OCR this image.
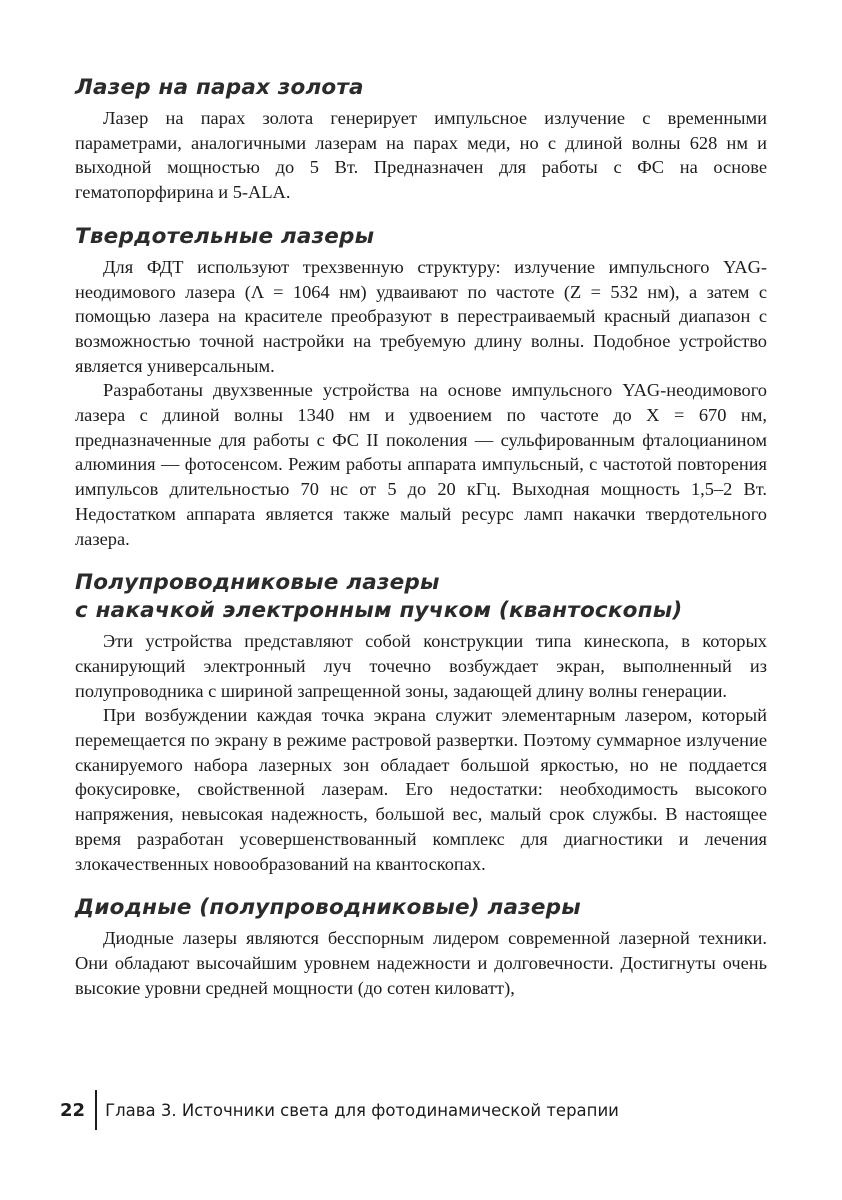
Лазер на парах золота

Лазер на парах золота генерирует импульсное излучение с временными параметрами, аналогичными лазерам на парах меди, но с длиной волны 628 нм и выходной мощностью до 5 Вт. Предназначен для работы с ФС на основе гематопорфирина и 5-ALA.

Твердотельные лазеры

Для ФДТ используют трехзвенную структуру: излучение импульсного YAG-неодимового лазера (Λ = 1064 нм) удваивают по частоте (Z = 532 нм), а затем с помощью лазера на красителе преобразуют в перестраиваемый красный диапазон с возможностью точной настройки на требуемую длину волны. Подобное устройство является универсальным.

Разработаны двухзвенные устройства на основе импульсного YAG-неодимового лазера с длиной волны 1340 нм и удвоением по частоте до X = 670 нм, предназначенные для работы с ФС II поколения — сульфированным фталоцианином алюминия — фотосенсом. Режим работы аппарата импульсный, с частотой повторения импульсов длительностью 70 нс от 5 до 20 кГц. Выходная мощность 1,5–2 Вт. Недостатком аппарата является также малый ресурс ламп накачки твердотельного лазера.

Полупроводниковые лазеры
с накачкой электронным пучком (квантоскопы)

Эти устройства представляют собой конструкции типа кинескопа, в которых сканирующий электронный луч точечно возбуждает экран, выполненный из полупроводника с шириной запрещенной зоны, задающей длину волны генерации.

При возбуждении каждая точка экрана служит элементарным лазером, который перемещается по экрану в режиме растровой развертки. Поэтому суммарное излучение сканируемого набора лазерных зон обладает большой яркостью, но не поддается фокусировке, свойственной лазерам. Его недостатки: необходимость высокого напряжения, невысокая надежность, большой вес, малый срок службы. В настоящее время разработан усовершенствованный комплекс для диагностики и лечения злокачественных новообразований на квантоскопах.

Диодные (полупроводниковые) лазеры

Диодные лазеры являются бесспорным лидером современной лазерной техники. Они обладают высочайшим уровнем надежности и долговечности. Достигнуты очень высокие уровни средней мощности (до сотен киловатт),

22	Глава 3. Источники света для фотодинамической терапии
